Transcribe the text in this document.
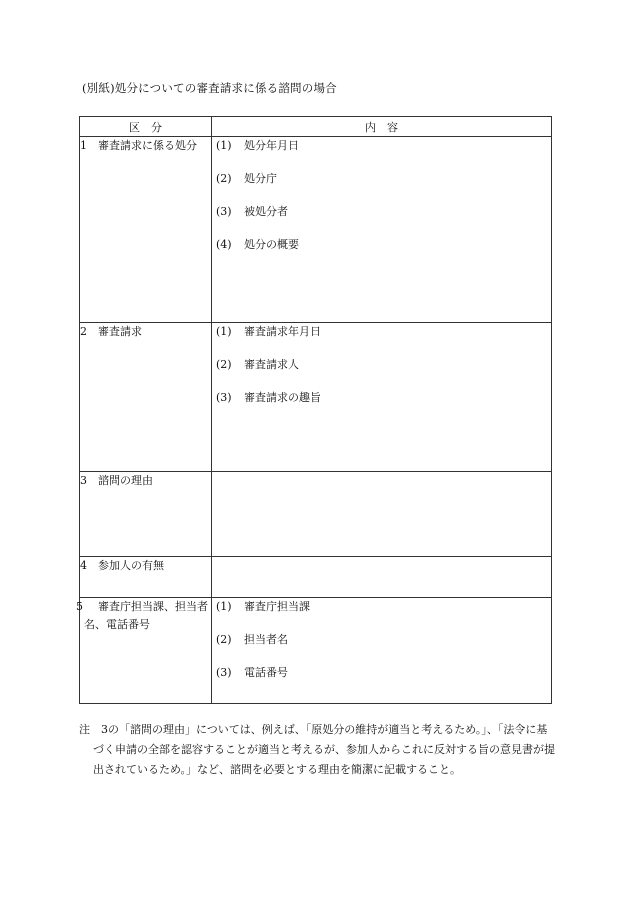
(別紙)処分についての審査請求に係る諮問の場合
区　分	内　容
1 審査請求に係る処分	(1) 処分年月日
(2) 処分庁
(3) 被処分者
(4) 処分の概要

2 審査請求	(1) 審査請求年月日
(2) 審査請求人
(3) 審査請求の趣旨

3 諮問の理由	
4 参加人の有無	

5 審査庁担当課、担当者名、電話番号	(1) 審査庁担当課
(2) 担当者名
(3) 電話番号
注　3の「諮問の理由」については、例えば、「原処分の維持が適当と考えるため。」、「法令に基づく申請の全部を認容することが適当と考えるが、参加人からこれに反対する旨の意見書が提出されているため。」など、諮問を必要とする理由を簡潔に記載すること。
